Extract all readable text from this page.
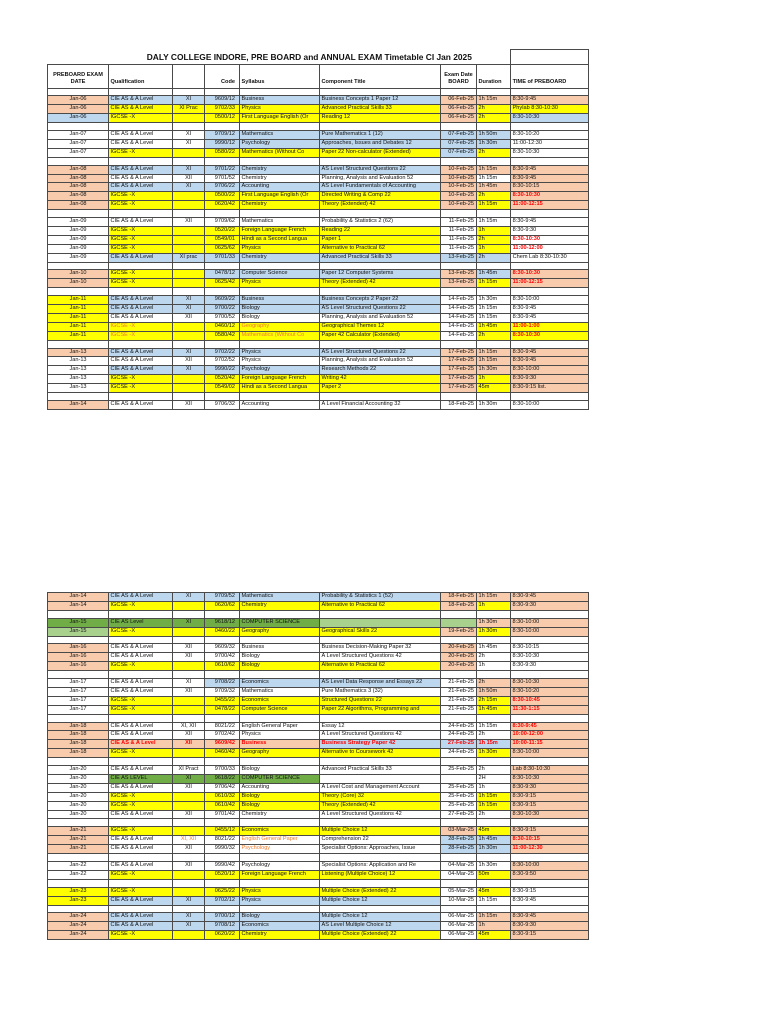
	DALY COLLEGE INDORE, PRE BOARD and ANNUAL EXAM Timetable CI Jan 2025							
PREBOARD EXAM DATE	Qualification		Code	Syllabus	Component Title	Exam Date BOARD	Duration	TIME of PREBOARD

Jan-06	CIE AS & A Level	XI	9609/12	Business	Business Concepts 1 Paper 12	06-Feb-25	1h 15m	8:30-9:45
Jan-06	CIE AS & A Level	XI Prac	9702/33	Physics	Advanced Practical Skills 33	06-Feb-25	2h	Phylab 8:30-10:30
Jan-06	IGCSE -X		0500/12	First Language English (Or	Reading 12	06-Feb-25	2h	8:30-10:30

Jan-07	CIE AS & A Level	XI	9709/12	Mathematics	Pure Mathematics 1 (12)	07-Feb-25	1h 50m	8:30-10:20
Jan-07	CIE AS & A Level	XI	9990/12	Psychology	Approaches, Issues and Debates 12	07-Feb-25	1h 30m	11:00-12:30
Jan-07	IGCSE -X		0580/22	Mathematics (Without Co	Paper 22 Non-calculator (Extended)	07-Feb-25	2h	8:30-10:30

Jan-08	CIE AS & A Level	XI	9701/22	Chemistry	AS Level Structured Questions 22	10-Feb-25	1h 15m	8:30-9:45
Jan-08	CIE AS & A Level	XII	9701/52	Chemistry	Planning, Analysis and Evaluation 52	10-Feb-25	1h 15m	8:30-9:45
Jan-08	CIE AS & A Level	XI	9706/22	Accounting	AS Level Fundamentals of Accounting	10-Feb-25	1h 45m	8:30-10:15
Jan-08	IGCSE -X		0500/22	First Language English (Or	Directed Writing & Comp 22	10-Feb-25	2h	8:30-10:30
Jan-08	IGCSE -X		0620/42	Chemistry	Theory (Extended) 42	10-Feb-25	1h 15m	11:00-12:15

Jan-09	CIE AS & A Level	XII	9709/62	Mathematics	Probability & Statistics 2 (62)	11-Feb-25	1h 15m	8:30-9:45
Jan-09	IGCSE -X		0520/22	Foreign Language French	Reading 22	11-Feb-25	1h	8:30-9:30
Jan-09	IGCSE -X		0549/01	Hindi as a Second Langua	Paper 1	11-Feb-25	2h	8:30-10:30
Jan-09	IGCSE -X		0625/62	Physics	Alternative to Practical 62	11-Feb-25	1h	11:00-12:00
Jan-09	CIE AS & A Level	XI prac	9701/33	Chemistry	Advanced Practical Skills 33	13-Feb-25	2h	Chem Lab 8:30-10:30

Jan-10	IGCSE -X		0478/12	Computer Science	Paper 12 Computer Systems	13-Feb-25	1h 45m	8:30-10:30
Jan-10	IGCSE -X		0625/42	Physics	Theory (Extended) 42	13-Feb-25	1h 15m	11:00-12:15

Jan-11	CIE AS & A Level	XI	9609/22	Business	Business Concepts 2 Paper 22	14-Feb-25	1h 30m	8:30-10:00
Jan-11	CIE AS & A Level	XI	9700/22	Biology	AS Level Structured Questions 22	14-Feb-25	1h 15m	8:30-9:45
Jan-11	CIE AS & A Level	XII	9700/52	Biology	Planning, Analysis and Evaluation 52	14-Feb-25	1h 15m	8:30-9:45
Jan-11	IGCSE -X		0460/12	Geography	Geographical Themes 12	14-Feb-25	1h 45m	11:00-1:00
Jan-11	IGCSE -X		0580/42	Mathematics (Without Co	Paper 42 Calculator (Extended)	14-Feb-25	2h	8:30-10:30

Jan-13	CIE AS & A Level	XI	9702/22	Physics	AS Level Structured Questions 22	17-Feb-25	1h 15m	8:30-9:45
Jan-13	CIE AS & A Level	XII	9702/52	Physics	Planning, Analysis and Evaluation 52	17-Feb-25	1h 15m	8:30-9:45
Jan-13	CIE AS & A Level	XI	9990/22	Psychology	Research Methods 22	17-Feb-25	1h 30m	8:30-10:00
Jan-13	IGCSE -X		0520/42	Foreign Language French	Writing 42	17-Feb-25	1h	8:30-9:30
Jan-13	IGCSE -X		0549/02	Hindi as a Second Langua	Paper 2	17-Feb-25	45m	8:30-9:15 list.

Jan-14	CIE AS & A Level	XII	9706/32	Accounting	A Level Financial Accounting 32	18-Feb-25	1h 30m	8:30-10:00
Jan-14	CIE AS & A Level	XI	9709/52	Mathematics	Probability & Statistics 1 (52)	18-Feb-25	1h 15m	8:30-9:45
Jan-14	IGCSE -X		0620/62	Chemistry	Alternative to Practical 62	18-Feb-25	1h	8:30-9:30

Jan-15	CIE AS Level	XI	9618/12	COMPUTER SCIENCE			1h 30m	8:30-10:00
Jan-15	IGCSE -X		0460/22	Geography	Geographical Skills 22	19-Feb-25	1h 30m	8:30-10:00

Jan-16	CIE AS & A Level	XII	9609/32	Business	Business Decision-Making Paper 32	20-Feb-25	1h 45m	8:30-10:15
Jan-16	CIE AS & A Level	XII	9700/42	Biology	A Level Structured Questions 42	20-Feb-25	2h	8:30-10:30
Jan-16	IGCSE -X		0610/62	Biology	Alternative to Practical 62	20-Feb-25	1h	8:30-9:30

Jan-17	CIE AS & A Level	XI	9708/22	Economics	AS Level Data Response and Essays 22	21-Feb-25	2h	8:30-10:30
Jan-17	CIE AS & A Level	XII	9709/32	Mathematics	Pure Mathematics 3 (32)	21-Feb-25	1h 50m	8:30-10:20
Jan-17	IGCSE -X		0455/22	Economics	Structured Questions 22	21-Feb-25	2h 15m	8:30-10:45
Jan-17	IGCSE -X		0478/22	Computer Science	Paper 22 Algorithms, Programming and	21-Feb-25	1h 45m	11:30-1:15

Jan-18	CIE AS & A Level	XI, XII	8021/22	English General Paper	Essay 12	24-Feb-25	1h 15m	8:30-9:45
Jan-18	CIE AS & A Level	XII	9702/42	Physics	A Level Structured Questions 42	24-Feb-25	2h	10:00-12:00
Jan-18	CIE AS & A Level	XII	9609/42	Business	Business Strategy Paper 42	27-Feb-25	1h 15m	10:00-11:15
Jan-18	IGCSE -X		0460/42	Geography	Alternative to Coursework 42	24-Feb-25	1h 30m	8:30-10:00

Jan-20	CIE AS & A Level	XI Pract	9700/33	Biology	Advanced Practical Skills 33	25-Feb-25	2h	Lab 8:30-10:30
Jan-20	CIE AS LEVEL	XI	9618/22	COMPUTER SCIENCE			2H	8:30-10:30
Jan-20	CIE AS & A Level	XII	9706/42	Accounting	A Level Cost and Management Account	25-Feb-25	1h	8:30-9:30
Jan-20	IGCSE -X		0610/32	Biology	Theory (Core) 32	25-Feb-25	1h 15m	8:30-9:15
Jan-20	IGCSE -X		0610/42	Biology	Theory (Extended) 42	25-Feb-25	1h 15m	8:30-9:15
Jan-20	CIE AS & A Level	XII	9701/42	Chemistry	A Level Structured Questions 42	27-Feb-25	2h	8:30-10:30

Jan-21	IGCSE -X		0455/12	Economics	Multiple Choice 12	03-Mar-25	45m	8:30-9:15
Jan-21	CIE AS & A Level	XI, XII	8021/22	English General Paper	Comprehension 22	28-Feb-25	1h 45m	8:30-10:15
Jan-21	CIE AS & A Level	XII	9990/32	Psychology	Specialist Options: Approaches, Issue	28-Feb-25	1h 30m	11:00-12:30

Jan-22	CIE AS & A Level	XII	9990/42	Psychology	Specialist Options: Application and Re	04-Mar-25	1h 30m	8:30-10:00
Jan-22	IGCSE -X		0520/12	Foreign Language French	Listening (Multiple Choice) 12	04-Mar-25	50m	8:30-9:50

Jan-23	IGCSE -X		0625/22	Physics	Multiple Choice (Extended) 22	05-Mar-25	45m	8:30-9:15
Jan-23	CIE AS & A Level	XI	9702/12	Physics	Multiple Choice 12	10-Mar-25	1h 15m	8:30-9:45

Jan-24	CIE AS & A Level	XI	9700/12	Biology	Multiple Choice 12	06-Mar-25	1h 15m	8:30-9:45
Jan-24	CIE AS & A Level	XI	9708/12	Economics	AS Level Multiple Choice 12	06-Mar-25	1h	8:30-9:30
Jan-24	IGCSE -X		0620/22	Chemistry	Multiple Choice (Extended) 22	06-Mar-25	45m	8:30-9:15
